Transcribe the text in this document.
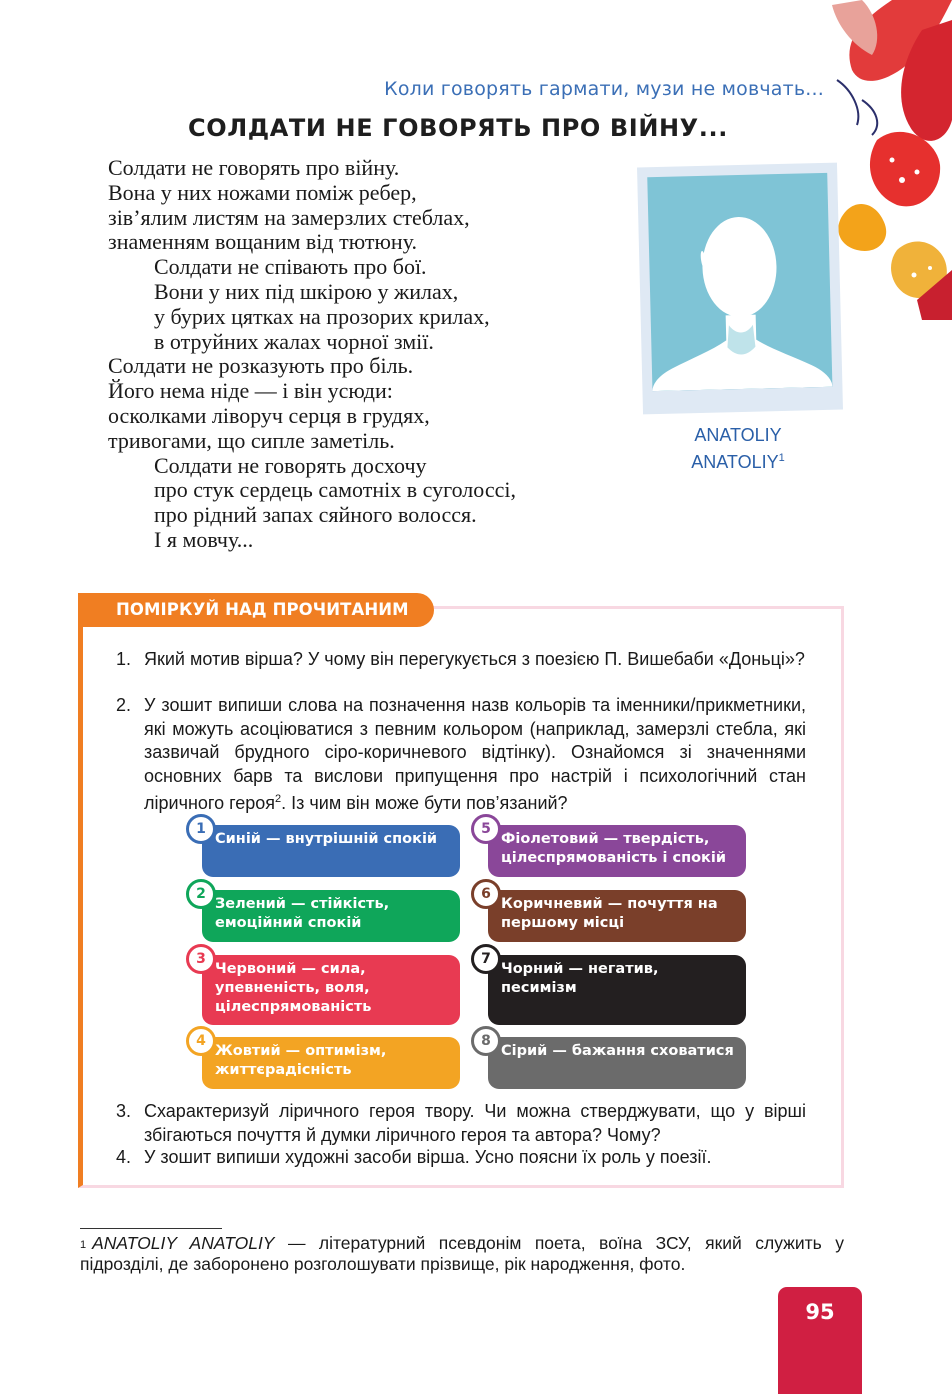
Коли говорять гармати, музи не мовчать...
СОЛДАТИ НЕ ГОВОРЯТЬ ПРО ВІЙНУ...
Солдати не говорять про війну.
Вона у них ножами поміж ребер,
зів’ялим листям на замерзлих стеблах,
знаменням вощаним від тютюну.
Солдати не співають про бої.
Вони у них під шкірою у жилах,
у бурих цятках на прозорих крилах,
в отруйних жалах чорної змії.
Солдати не розказують про біль.
Його нема ніде — і він усюди:
осколками ліворуч серця в грудях,
тривогами, що сипле заметіль.
Солдати не говорять досхочу
про стук сердець самотніх в суголоссі,
про рідний запах сяйного волосся.
І я мовчу...
ANATOLIY
ANATOLIY$^1$
ПОМІРКУЙ НАД ПРОЧИТАНИМ
1. Який мотив вірша? У чому він перегукується з поезією П. Вишебаби «Доньці»?
2. У зошит випиши слова на позначення назв кольорів та іменники/прикметники, які можуть асоціюватися з певним кольором (наприклад, замерзлі стебла, які зазвичай брудного сіро-коричневого відтінку). Ознайомся зі значеннями основних барв та вислови припущення про настрій і психологічний стан ліричного героя$^2$. Із чим він може бути пов’язаний?
Синій — внутрішній спокій
1
Зелений — стійкість, емоційний спокій
2
Червоний — сила, упевненість, воля, цілеспрямованість
3
Жовтий — оптимізм, життєрадісність
4
Фіолетовий — твердість, цілеспрямованість і спокій
5
Коричневий — почуття на першому місці
6
Чорний — негатив, песимізм
7
Сірий — бажання сховатися
8
3. Схарактеризуй ліричного героя твору. Чи можна стверджувати, що у вірші збігаються почуття й думки ліричного героя та автора? Чому?
4. У зошит випиши художні засоби вірша. Усно поясни їх роль у поезії.
$^1$ ANATOLIY ANATOLIY — літературний псевдонім поета, воїна ЗСУ, який служить у підрозділі, де заборонено розголошувати прізвище, рік народження, фото.
95
